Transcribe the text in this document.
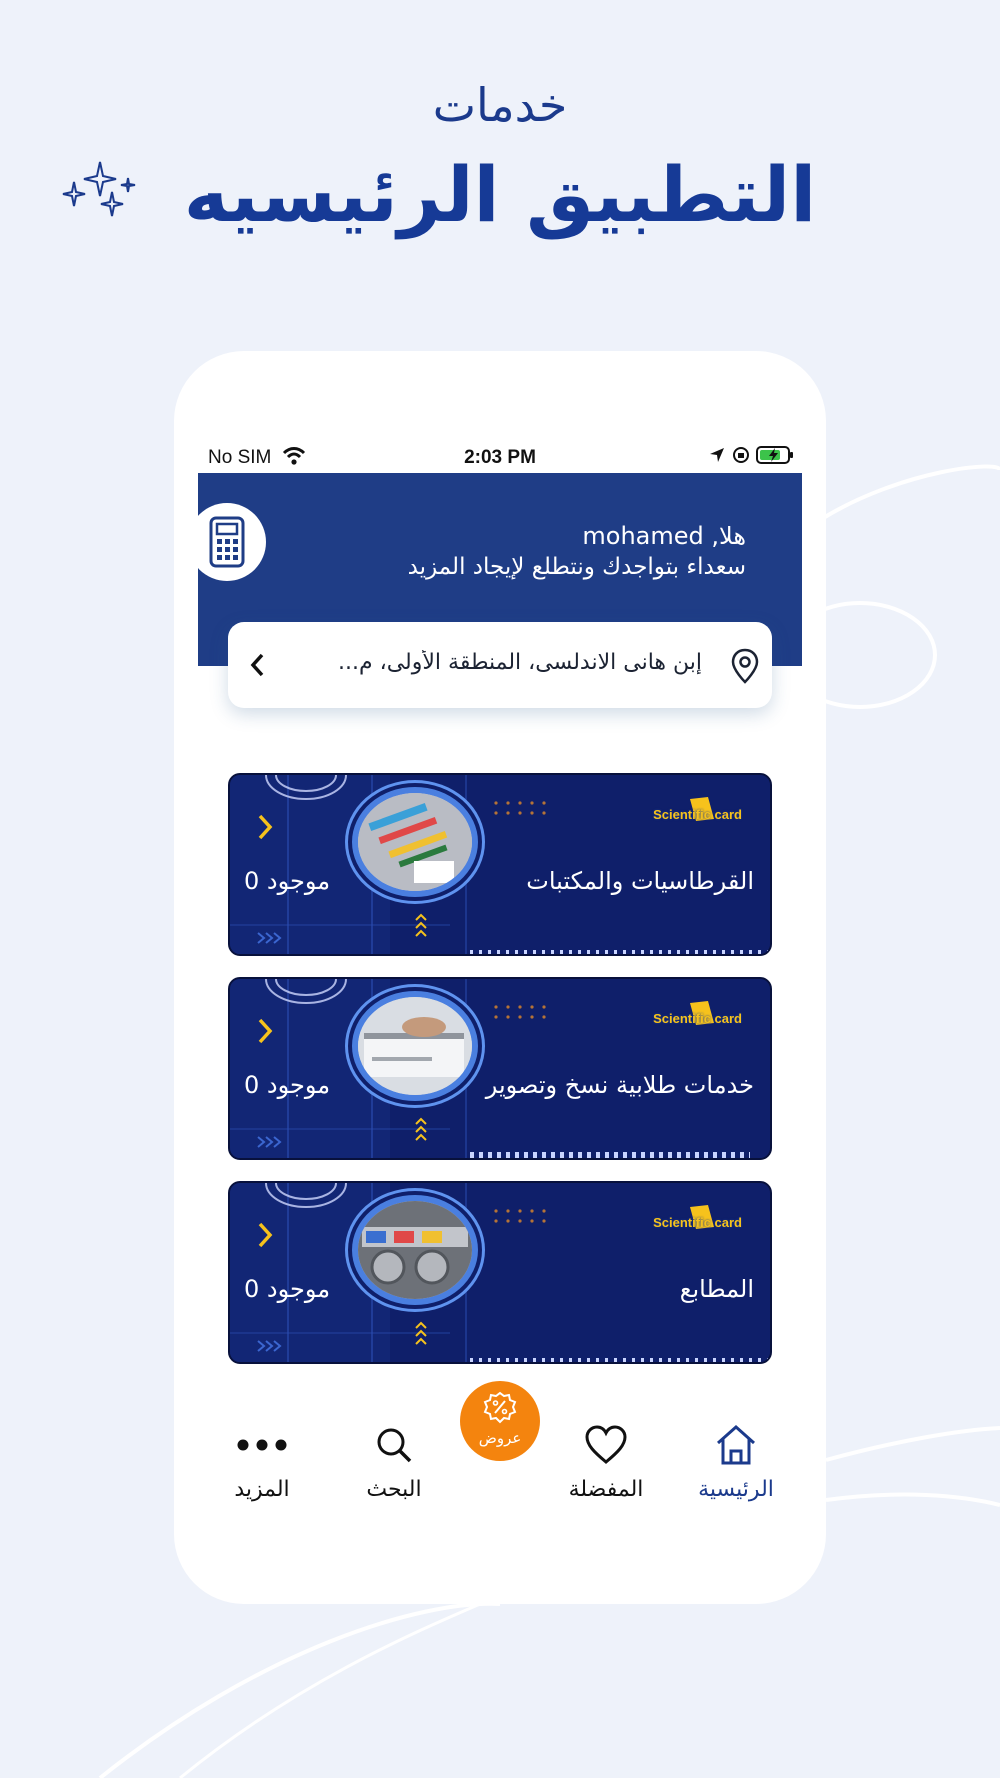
خدمات
التطبيق الرئيسيه
No SIM	2:03 PM
هلا, mohamed
سعداء بتواجدك ونتطلع لإيجاد المزيد
إبن هانى الاندلسى، المنطقة الأولى، م...
Scientific card
القرطاسيات والمكتبات
موجود 0
Scientific card
خدمات طلابية نسخ وتصوير
موجود 0
Scientific card
المطابع
موجود 0
الرئيسية
المفضلة
عروض
البحث
المزيد
